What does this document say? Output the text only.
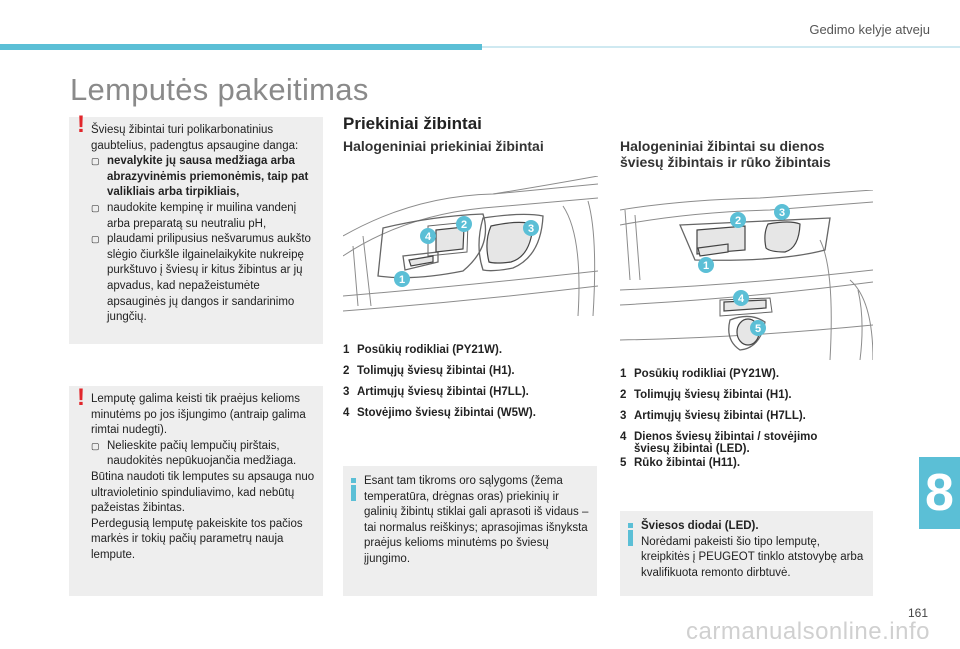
Gedimo kelyje atveju
Lemputės pakeitimas
! Šviesų žibintai turi polikarbonatinius gaubtelius, padengtus apsaugine danga:
▢ nevalykite jų sausa medžiaga arba abrazyvinėmis priemonėmis, taip pat valikliais arba tirpikliais,
▢ naudokite kempinę ir muilina vandenį arba preparatą su neutraliu pH,
▢ plaudami prilipusius nešvarumus aukšto slėgio čiurkšle ilgainelaikykite nukreipę purkštuvo į šviesų ir kitus žibintus ar jų apvadus, kad nepažeistumėte apsauginės jų dangos ir sandarinimo jungčių.
! Lemputę galima keisti tik praėjus kelioms minutėms po jos išjungimo (antraip galima rimtai nudegti).
▢ Nelieskite pačių lempučių pirštais, naudokitės nepūkuojančia medžiaga.
Būtina naudoti tik lemputes su apsauga nuo ultravioletinio spinduliavimo, kad nebūtų pažeistas žibintas.
Perdegusią lemputę pakeiskite tos pačios markės ir tokių pačių parametrų nauja lempute.
Priekiniai žibintai
Halogeniniai priekiniai žibintai
4
2	3
1
1 Posūkių rodikliai (PY21W).
2 Tolimųjų šviesų žibintai (H1).
3 Artimųjų šviesų žibintai (H7LL).
4 Stovėjimo šviesų žibintai (W5W).
Esant tam tikroms oro sąlygoms (žema temperatūra, drėgnas oras) priekinių ir galinių žibintų stiklai gali aprasoti iš vidaus – tai normalus reiškinys; aprasojimas išnyksta praėjus kelioms minutėms po šviesų įjungimo.
Halogeniniai žibintai su dienos
šviesų žibintais ir rūko žibintais
1
2
3
4
5
1 Posūkių rodikliai (PY21W).
2 Tolimųjų šviesų žibintai (H1).
3 Artimųjų šviesų žibintai (H7LL).
4 Dienos šviesų žibintai / stovėjimo šviesų žibintai (LED).
5 Rūko žibintai (H11).
Šviesos diodai (LED).
Norėdami pakeisti šio tipo lemputę, kreipkitės į PEUGEOT tinklo atstovybę arba kvalifikuota remonto dirbtuvė.
8
161
carmanualsonline.info
